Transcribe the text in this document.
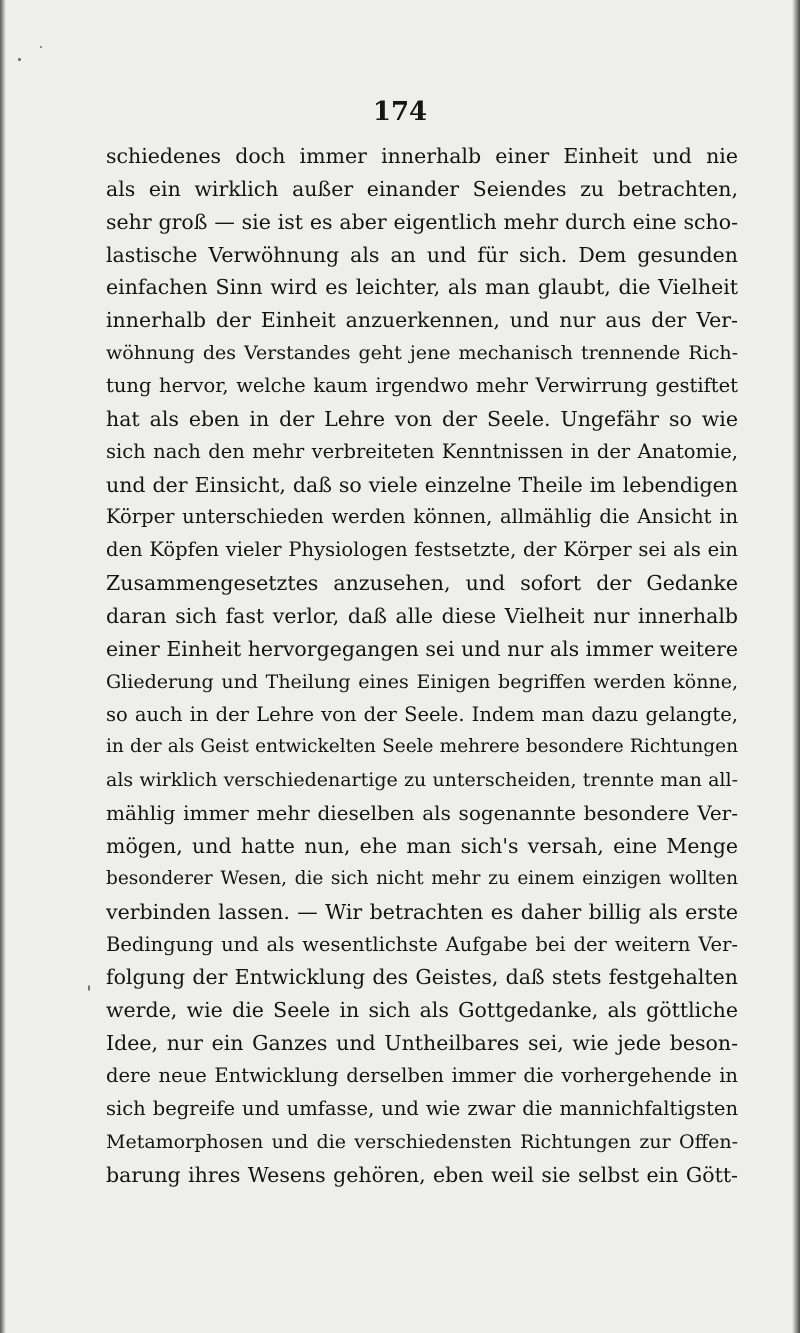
174
schiedenes doch immer innerhalb einer Einheit und nie
als ein wirklich außer einander Seiendes zu betrachten,
sehr groß — sie ist es aber eigentlich mehr durch eine scho-
lastische Verwöhnung als an und für sich. Dem gesunden
einfachen Sinn wird es leichter, als man glaubt, die Vielheit
innerhalb der Einheit anzuerkennen, und nur aus der Ver-
wöhnung des Verstandes geht jene mechanisch trennende Rich-
tung hervor, welche kaum irgendwo mehr Verwirrung gestiftet
hat als eben in der Lehre von der Seele. Ungefähr so wie
sich nach den mehr verbreiteten Kenntnissen in der Anatomie,
und der Einsicht, daß so viele einzelne Theile im lebendigen
Körper unterschieden werden können, allmählig die Ansicht in
den Köpfen vieler Physiologen festsetzte, der Körper sei als ein
Zusammengesetztes anzusehen, und sofort der Gedanke
daran sich fast verlor, daß alle diese Vielheit nur innerhalb
einer Einheit hervorgegangen sei und nur als immer weitere
Gliederung und Theilung eines Einigen begriffen werden könne,
so auch in der Lehre von der Seele. Indem man dazu gelangte,
in der als Geist entwickelten Seele mehrere besondere Richtungen
als wirklich verschiedenartige zu unterscheiden, trennte man all-
mählig immer mehr dieselben als sogenannte besondere Ver-
mögen, und hatte nun, ehe man sich's versah, eine Menge
besonderer Wesen, die sich nicht mehr zu einem einzigen wollten
verbinden lassen. — Wir betrachten es daher billig als erste
Bedingung und als wesentlichste Aufgabe bei der weitern Ver-
folgung der Entwicklung des Geistes, daß stets festgehalten
werde, wie die Seele in sich als Gottgedanke, als göttliche
Idee, nur ein Ganzes und Untheilbares sei, wie jede beson-
dere neue Entwicklung derselben immer die vorhergehende in
sich begreife und umfasse, und wie zwar die mannichfaltigsten
Metamorphosen und die verschiedensten Richtungen zur Offen-
barung ihres Wesens gehören, eben weil sie selbst ein Gött-
